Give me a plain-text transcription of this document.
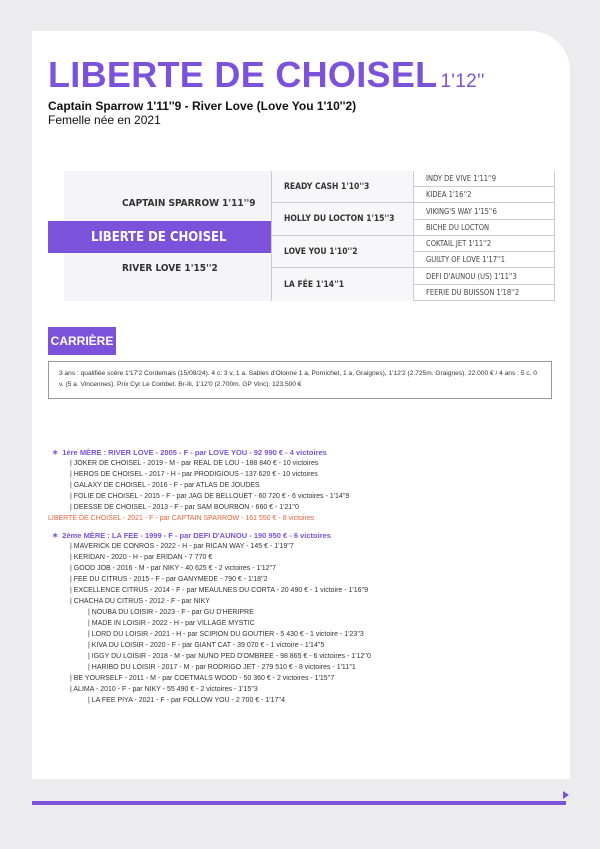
LIBERTE DE CHOISEL 1'12''
Captain Sparrow 1'11''9 - River Love (Love You 1'10''2)
Femelle née en 2021
CAPTAIN SPARROW 1'11''9
RIVER LOVE 1'15''2
LIBERTE DE CHOISEL
READY CASH 1'10''3
HOLLY DU LOCTON 1'15''3
LOVE YOU 1'10''2
LA FÉE 1'14''1
INDY DE VIVE 1'11''9
KIDEA 1'16''2
VIKING'S WAY 1'15''6
BICHE DU LOCTON
COKTAIL JET 1'11''2
GUILTY OF LOVE 1'17''1
DEFI D'AUNOU (US) 1'11''3
FEERIE DU BUISSON 1'18''2
CARRIÈRE
3 ans : qualifiée scère 1'17'2 Cordemais (15/08/24). 4 c: 3 v, 1 a. Sables d'Olonne 1 a, Pornichet, 1 a, Graignes), 1'12'2 (2.725m. Graignes). 22.000 € / 4 ans : 5 c. 0 v. (5 a. Vincennes). Prix Cyr Le Combet. Br-Ili, 1'12'0 (2.700m. GP Vinc). 123.500 €
✶ 1ère MÈRE : RIVER LOVE - 2005 - F - par LOVE YOU - 92 990 € - 4 victoires
| JOKER DE CHOISEL - 2019 - M - par REAL DE LOU - 188 840 € - 10 victoires
| HEROS DE CHOISEL - 2017 - H - par PRODIGIOUS - 137 620 € - 10 victoires
| GALAXY DE CHOISEL - 2016 - F - par ATLAS DE JOUDES
| FOLIE DE CHOISEL - 2015 - F - par JAG DE BELLOUET - 60 720 € - 6 victoires - 1'14''9
| DEESSE DE CHOISEL - 2013 - F - par SAM BOURBON - 660 € - 1'21''0
LIBERTE DE CHOISEL - 2021 - F - par CAPTAIN SPARROW - 161 550 € - 8 victoires
✶ 2ème MÈRE : LA FEE - 1999 - F - par DEFI D'AUNOU - 190 950 € - 6 victoires
| MAVERICK DE CONROS - 2022 - H - par RICAN WAY - 145 € - 1'19''7
| KERIDAN - 2020 - H - par ERIDAN - 7 770 €
| GOOD JOB - 2016 - M - par NIKY - 40 625 € - 2 victoires - 1'12''7
| FEE DU CITRUS - 2015 - F - par GANYMEDE - 790 € - 1'18''2
| EXCELLENCE CITRUS - 2014 - F - par MEAULNES DU CORTA - 20 490 € - 1 victoire - 1'16''9
| CHACHA DU CITRUS - 2012 - F - par NIKY
| NOUBA DU LOISIR - 2023 - F - par GU D'HERIPRE
| MADE IN LOISIR - 2022 - H - par VILLAGE MYSTIC
| LORD DU LOISIR - 2021 - H - par SCIPION DU GOUTIER - 5 430 € - 1 victoire - 1'23''3
| KIVA DU LOISIR - 2020 - F - par GIANT CAT - 39 070 € - 1 victoire - 1'14''5
| IGGY DU LOISIR - 2018 - M - par NUNO PED D'OMBREE - 98 865 € - 6 victoires - 1'12''0
| HARIBO DU LOISIR - 2017 - M - par RODRIGO JET - 279 510 € - 8 victoires - 1'11''1
| BE YOURSELF - 2011 - M - par COETMALS WOOD - 50 360 € - 2 victoires - 1'15''7
| ALIMA - 2010 - F - par NIKY - 55 490 € - 2 victoires - 1'15''3
| LA FEE PIYA - 2021 - F - par FOLLOW YOU - 2 700 € - 1'17''4
